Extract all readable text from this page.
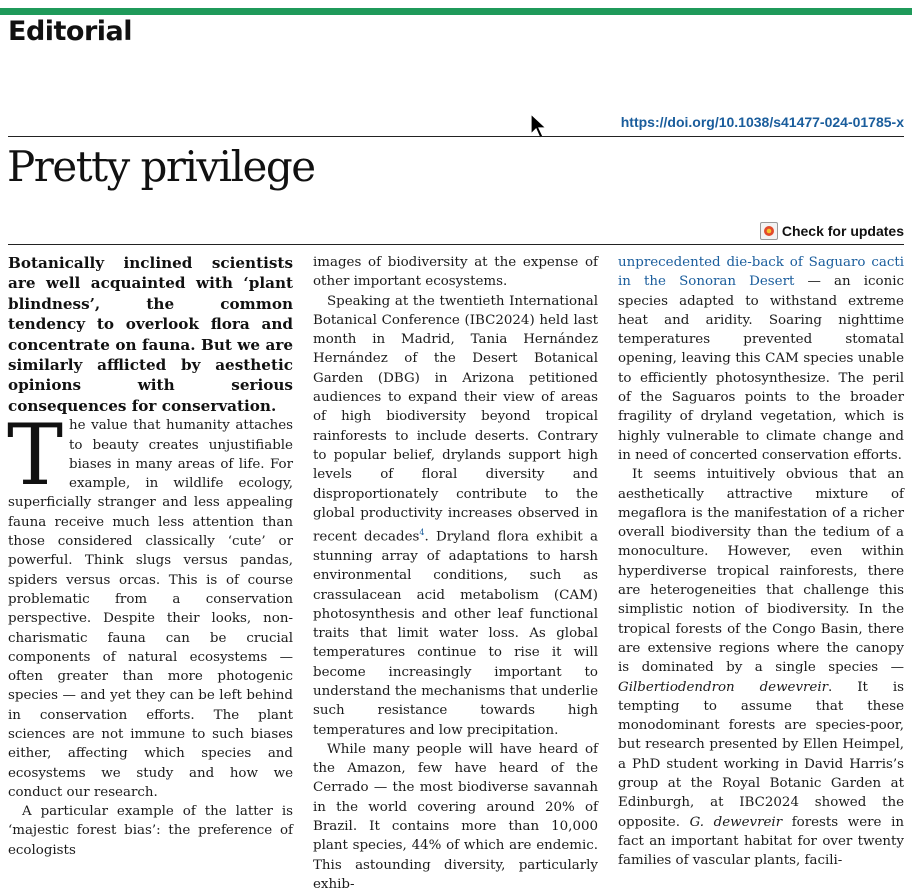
Editorial
https://doi.org/10.1038/s41477-024-01785-x
Pretty privilege
Check for updates

Botanically inclined scientists are well acquainted with ‘plant blindness’, the common tendency to overlook flora and concentrate on fauna. But we are similarly afflicted by aesthetic opinions with serious consequences for conservation.

The value that humanity attaches to beauty creates unjustifiable biases in many areas of life. For example, in wildlife ecology, superficially stranger and less appealing fauna receive much less attention than those considered classically ‘cute’ or powerful. Think slugs versus pandas, spiders versus orcas. This is of course problematic from a conservation perspective. Despite their looks, non-charismatic fauna can be crucial components of natural ecosystems — often greater than more photogenic species — and yet they can be left behind in conservation efforts. The plant sciences are not immune to such biases either, affecting which species and ecosystems we study and how we conduct our research.

A particular example of the latter is ‘majestic forest bias’: the preference of ecologists

images of biodiversity at the expense of other important ecosystems.

Speaking at the twentieth International Botanical Conference (IBC2024) held last month in Madrid, Tania Hernández Hernández of the Desert Botanical Garden (DBG) in Arizona petitioned audiences to expand their view of areas of high biodiversity beyond tropical rainforests to include deserts. Contrary to popular belief, drylands support high levels of floral diversity and disproportionately contribute to the global productivity increases observed in recent decades$^4$. Dryland flora exhibit a stunning array of adaptations to harsh environmental conditions, such as crassulacean acid metabolism (CAM) photosynthesis and other leaf functional traits that limit water loss. As global temperatures continue to rise it will become increasingly important to understand the mechanisms that underlie such resistance towards high temperatures and low precipitation.

While many people will have heard of the Amazon, few have heard of the Cerrado — the most biodiverse savannah in the world covering around 20% of Brazil. It contains more than 10,000 plant species, 44% of which are endemic. This astounding diversity, particularly exhib-

unprecedented die-back of Saguaro cacti in the Sonoran Desert — an iconic species adapted to withstand extreme heat and aridity. Soaring nighttime temperatures prevented stomatal opening, leaving this CAM species unable to efficiently photosynthesize. The peril of the Saguaros points to the broader fragility of dryland vegetation, which is highly vulnerable to climate change and in need of concerted conservation efforts.

It seems intuitively obvious that an aesthetically attractive mixture of megaflora is the manifestation of a richer overall biodiversity than the tedium of a monoculture. However, even within hyperdiverse tropical rainforests, there are heterogeneities that challenge this simplistic notion of biodiversity. In the tropical forests of the Congo Basin, there are extensive regions where the canopy is dominated by a single species — Gilbertiodendron dewevreir. It is tempting to assume that these monodominant forests are species-poor, but research presented by Ellen Heimpel, a PhD student working in David Harris’s group at the Royal Botanic Garden at Edinburgh, at IBC2024 showed the opposite. G. dewevreir forests were in fact an important habitat for over twenty families of vascular plants, facili-
